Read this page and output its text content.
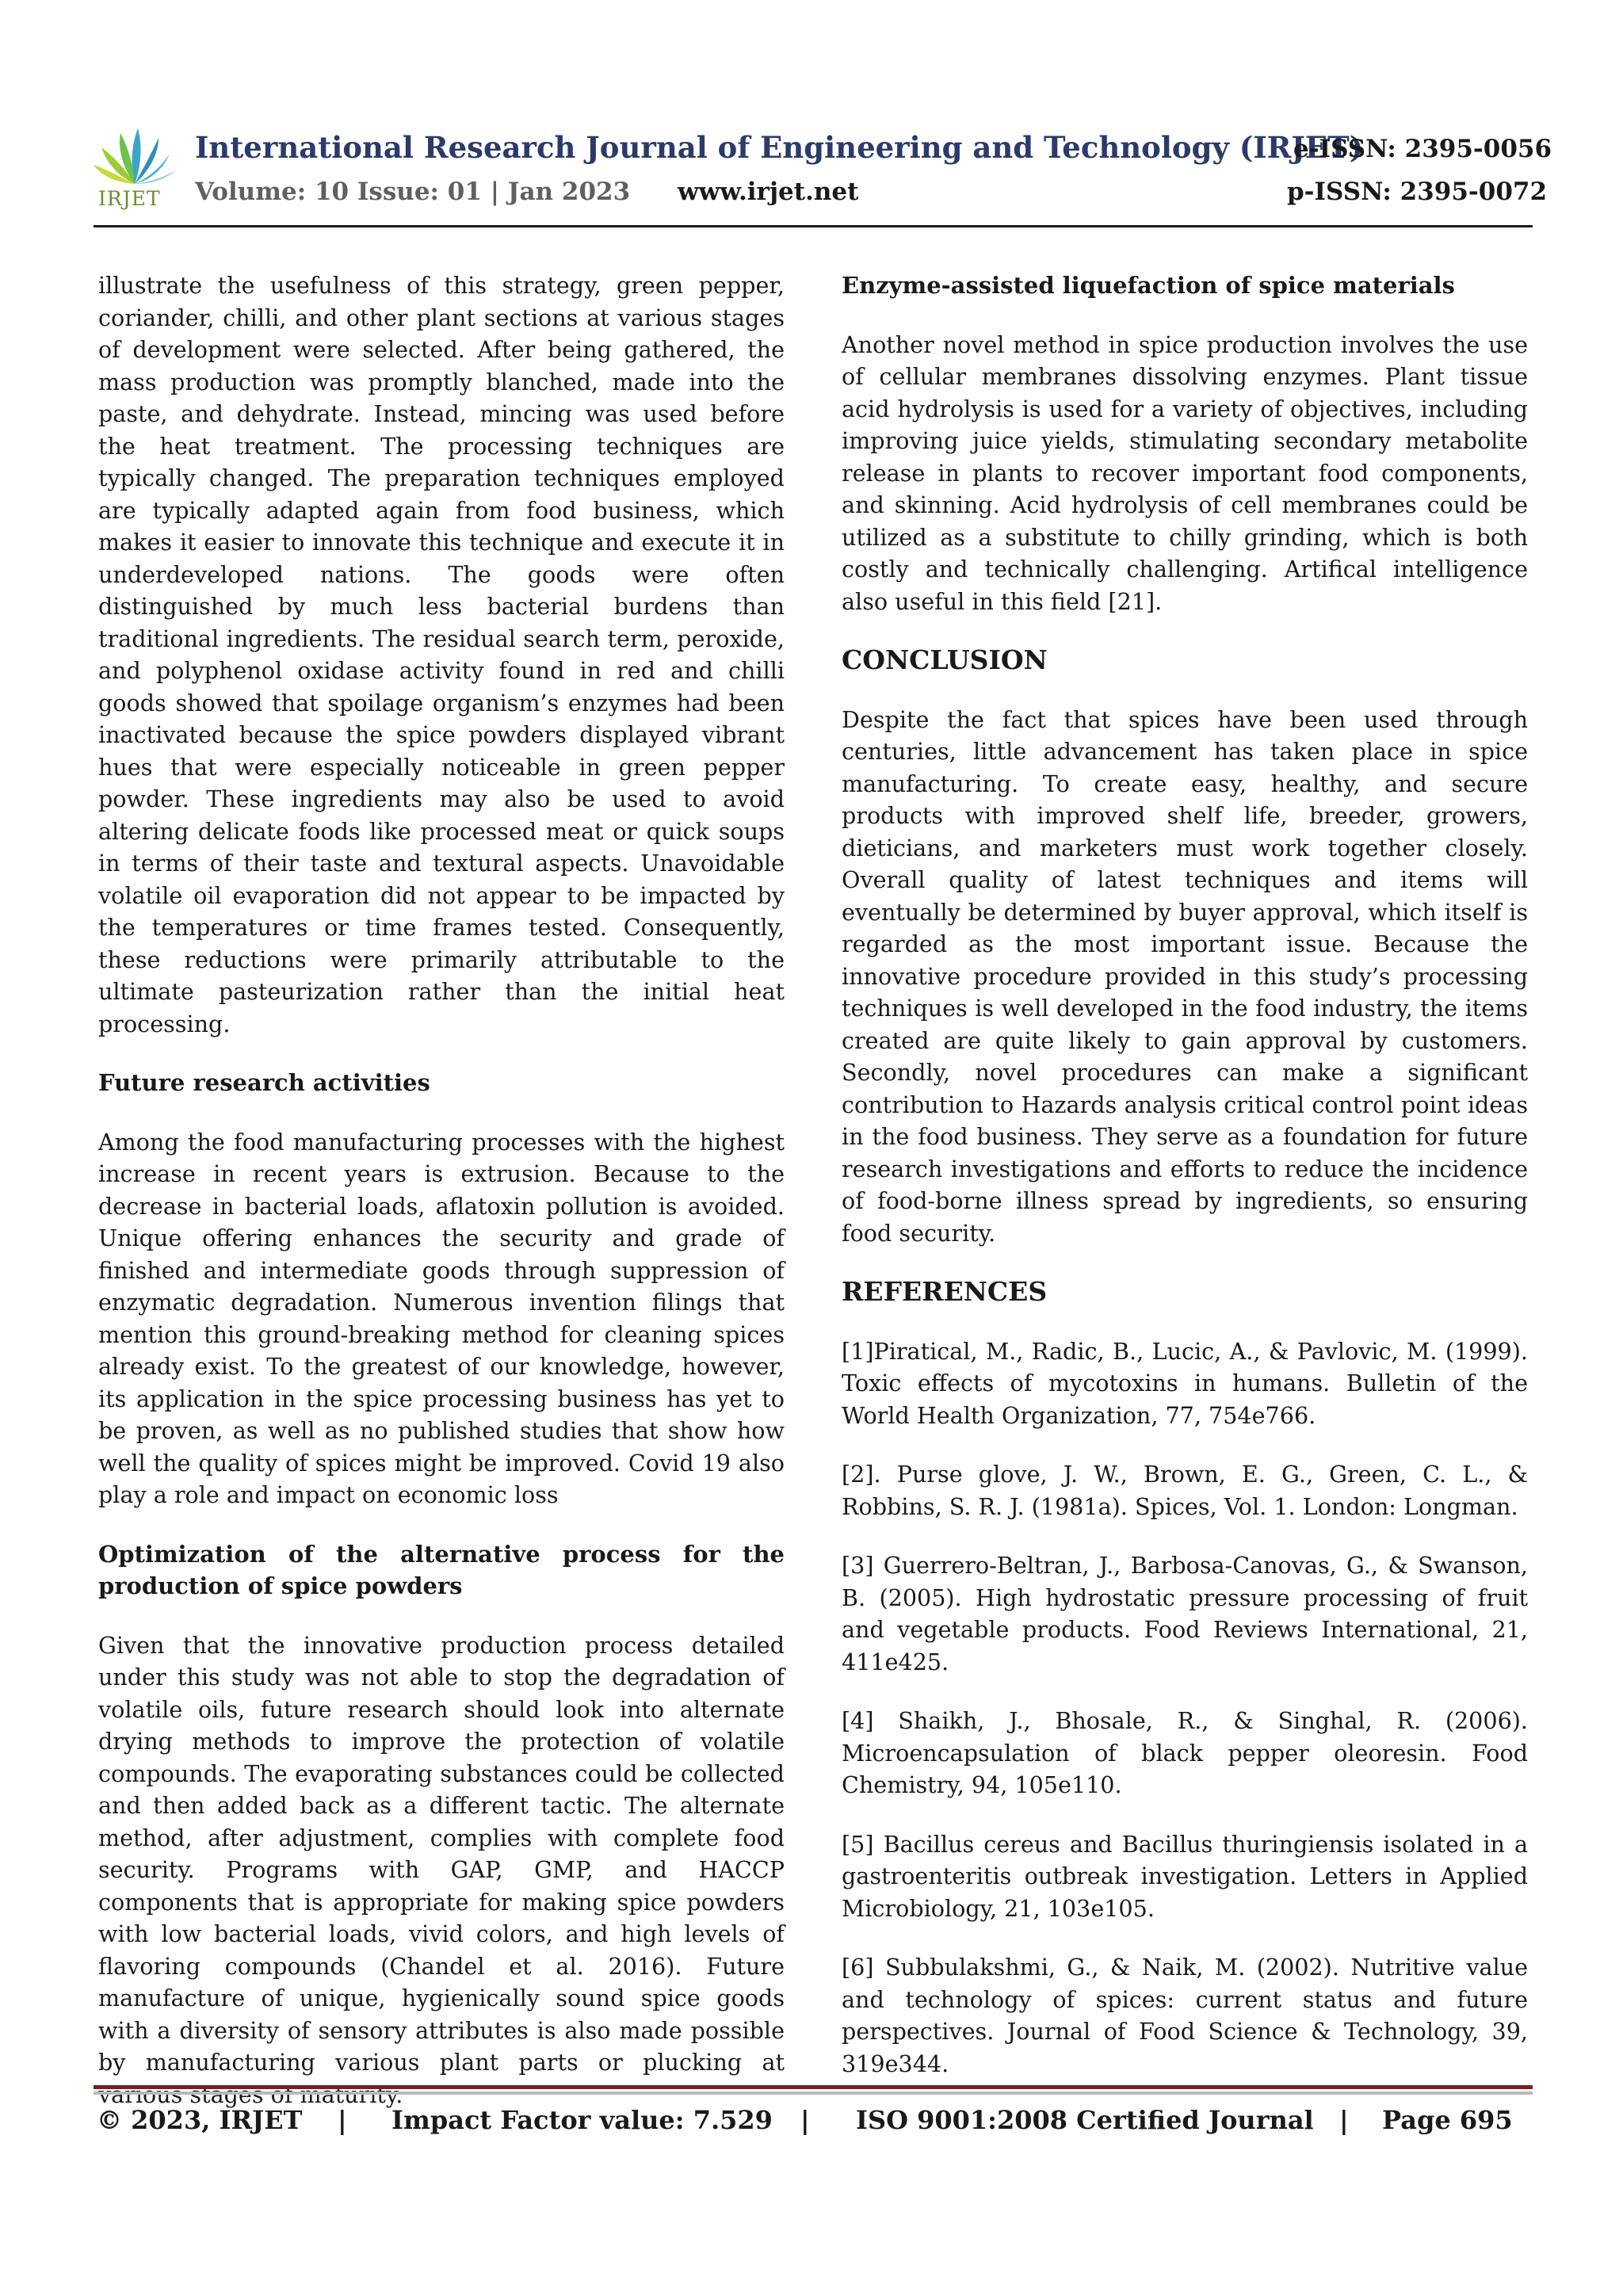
IRJET
International Research Journal of Engineering and Technology (IRJET)
Volume: 10 Issue: 01 | Jan 2023 www.irjet.net
e-ISSN: 2395-0056
p-ISSN: 2395-0072

illustrate the usefulness of this strategy, green pepper, coriander, chilli, and other plant sections at various stages of development were selected. After being gathered, the mass production was promptly blanched, made into the paste, and dehydrate. Instead, mincing was used before the heat treatment. The processing techniques are typically changed. The preparation techniques employed are typically adapted again from food business, which makes it easier to innovate this technique and execute it in underdeveloped nations. The goods were often distinguished by much less bacterial burdens than traditional ingredients. The residual search term, peroxide, and polyphenol oxidase activity found in red and chilli goods showed that spoilage organism’s enzymes had been inactivated because the spice powders displayed vibrant hues that were especially noticeable in green pepper powder. These ingredients may also be used to avoid altering delicate foods like processed meat or quick soups in terms of their taste and textural aspects. Unavoidable volatile oil evaporation did not appear to be impacted by the temperatures or time frames tested. Consequently, these reductions were primarily attributable to the ultimate pasteurization rather than the initial heat processing.

Future research activities

Among the food manufacturing processes with the highest increase in recent years is extrusion. Because to the decrease in bacterial loads, aflatoxin pollution is avoided. Unique offering enhances the security and grade of finished and intermediate goods through suppression of enzymatic degradation. Numerous invention filings that mention this ground-breaking method for cleaning spices already exist. To the greatest of our knowledge, however, its application in the spice processing business has yet to be proven, as well as no published studies that show how well the quality of spices might be improved. Covid 19 also play a role and impact on economic loss

Optimization of the alternative process for the production of spice powders

Given that the innovative production process detailed under this study was not able to stop the degradation of volatile oils, future research should look into alternate drying methods to improve the protection of volatile compounds. The evaporating substances could be collected and then added back as a different tactic. The alternate method, after adjustment, complies with complete food security. Programs with GAP, GMP, and HACCP components that is appropriate for making spice powders with low bacterial loads, vivid colors, and high levels of flavoring compounds (Chandel et al. 2016). Future manufacture of unique, hygienically sound spice goods with a diversity of sensory attributes is also made possible by manufacturing various plant parts or plucking at

Enzyme-assisted liquefaction of spice materials

Another novel method in spice production involves the use of cellular membranes dissolving enzymes. Plant tissue acid hydrolysis is used for a variety of objectives, including improving juice yields, stimulating secondary metabolite release in plants to recover important food components, and skinning. Acid hydrolysis of cell membranes could be utilized as a substitute to chilly grinding, which is both costly and technically challenging. Artifical intelligence also useful in this field [21].

CONCLUSION

Despite the fact that spices have been used through centuries, little advancement has taken place in spice manufacturing. To create easy, healthy, and secure products with improved shelf life, breeder, growers, dieticians, and marketers must work together closely. Overall quality of latest techniques and items will eventually be determined by buyer approval, which itself is regarded as the most important issue. Because the innovative procedure provided in this study’s processing techniques is well developed in the food industry, the items created are quite likely to gain approval by customers. Secondly, novel procedures can make a significant contribution to Hazards analysis critical control point ideas in the food business. They serve as a foundation for future research investigations and efforts to reduce the incidence of food-borne illness spread by ingredients, so ensuring food security.

REFERENCES

[1]Piratical, M., Radic, B., Lucic, A., & Pavlovic, M. (1999). Toxic effects of mycotoxins in humans. Bulletin of the World Health Organization, 77, 754e766.

[2]. Purse glove, J. W., Brown, E. G., Green, C. L., & Robbins, S. R. J. (1981a). Spices, Vol. 1. London: Longman.

[3] Guerrero-Beltran, J., Barbosa-Canovas, G., & Swanson, B. (2005). High hydrostatic pressure processing of fruit and vegetable products. Food Reviews International, 21, 411e425.

[4] Shaikh, J., Bhosale, R., & Singhal, R. (2006). Microencapsulation of black pepper oleoresin. Food Chemistry, 94, 105e110.

[5] Bacillus cereus and Bacillus thuringiensis isolated in a gastroenteritis outbreak investigation. Letters in Applied Microbiology, 21, 103e105.

[6] Subbulakshmi, G., & Naik, M. (2002). Nutritive value and technology of spices: current status and future perspectives. Journal of Food Science & Technology, 39, 319e344.

© 2023, IRJET | Impact Factor value: 7.529 | ISO 9001:2008 Certified Journal | Page 695
